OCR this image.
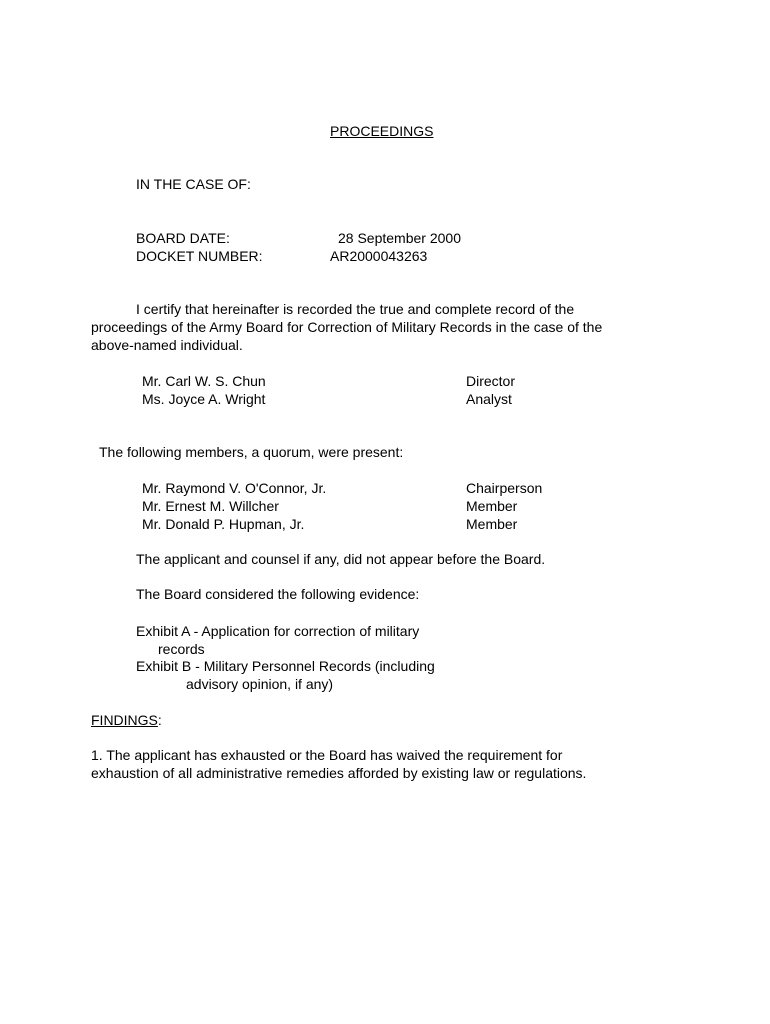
PROCEEDINGS
IN THE CASE OF:
BOARD DATE:	28 September 2000
DOCKET NUMBER:	AR2000043263
I certify that hereinafter is recorded the true and complete record of the
proceedings of the Army Board for Correction of Military Records in the case of the
above-named individual.
Mr. Carl W. S. Chun	Director
Ms. Joyce A. Wright	Analyst
The following members, a quorum, were present:
Mr. Raymond V. O'Connor, Jr.	Chairperson
Mr. Ernest M. Willcher	Member
Mr. Donald P. Hupman, Jr.	Member
The applicant and counsel if any, did not appear before the Board.
The Board considered the following evidence:
Exhibit A - Application for correction of military
records
Exhibit B - Military Personnel Records (including
advisory opinion, if any)
FINDINGS:
1. The applicant has exhausted or the Board has waived the requirement for
exhaustion of all administrative remedies afforded by existing law or regulations.
